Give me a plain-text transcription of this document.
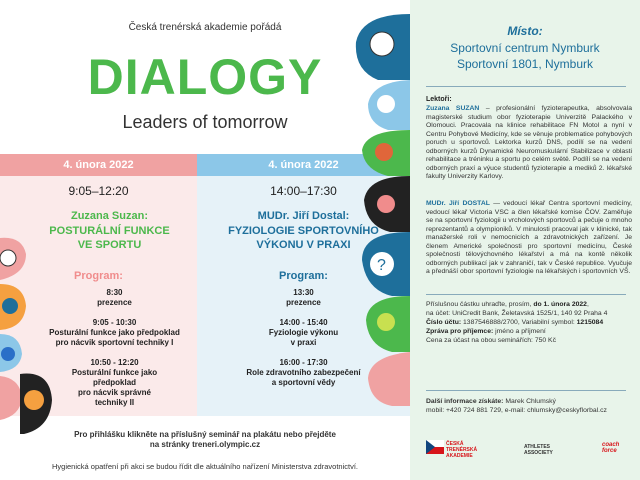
Česká trenérská akademie pořádá
DIALOGY
Leaders of tomorrow
4. února 2022
9:05–12:20
Zuzana Suzan:
POSTURÁLNÍ FUNKCE
VE SPORTU
Program:
8:30
prezence
9:05 - 10:30
Posturální funkce jako předpoklad
pro nácvik sportovní techniky I
10:50 - 12:20
Posturální funkce jako
předpoklad
pro nácvik správné
techniky II
4. února 2022
14:00–17:30
MUDr. Jiří Dostal:
FYZIOLOGIE SPORTOVNÍHO
VÝKONU V PRAXI
Program:
13:30
prezence
14:00 - 15:40
Fyziologie výkonu
v praxi
16:00 - 17:30
Role zdravotního zabezpečení
a sportovní vědy
?
Pro přihlášku klikněte na příslušný seminář na plakátu nebo přejděte
na stránky treneri.olympic.cz
Hygienická opatření při akci se budou řídit dle aktuálního nařízení Ministerstva zdravotnictví.
Místo:
Sportovní centrum Nymburk
Sportovní 1801, Nymburk
Lektoři:
Zuzana SUZAN – profesionální fyzioterapeutka, absolvovala magisterské studium obor fyzioterapie Univerzitě Palackého v Olomouci. Pracovala na klinice rehabilitace FN Motol a nyní v Centru Pohybové Medicíny, kde se věnuje problematice pohybových poruch u sportovců. Lektorka kurzů DNS, podílí se na vedení odborných kurzů Dynamické Neuromuskulární Stabilizace v oblasti rehabilitace a tréninku a sportu po celém světě. Podílí se na vedení odborných praxí a výuce studentů fyzioterapie a mediků 2. lékařské fakulty Univerzity Karlovy.
MUDr. Jiří DOSTAL — vedoucí lékař Centra sportovní medicíny, vedoucí lékař Victoria VSC a člen lékařské komise ČOV. Zaměřuje se na sportovní fyziologii u vrcholových sportovců a pečuje o mnoho reprezentantů a olympioniků. V minulosti pracoval jak v klinické, tak manažerské roli v nemocnicích a zdravotnických zařízení. Je členem Americké společnosti pro sportovní medicínu, České společnosti tělovýchovného lékařství a má na kontě několik odborných publikací jak v zahraničí, tak v České republice. Vyučuje a přednáší obor sportovní fyziologie na lékařských i sportovních VŠ.
Příslušnou částku uhraďte, prosím, do 1. února 2022,
na účet: UniCredit Bank, Želetavská 1525/1, 140 92 Praha 4
Číslo účtu: 1387546888/2700, Variabilní symbol: 1215084
Zpráva pro příjemce: jméno a příjmení
Cena za účast na obou seminářích: 750 Kč
Další informace získáte: Marek Chlumský
mobil: +420 724 881 729, e-mail: chlumsky@ceskyflorbal.cz
ČESKÁ TRENÉRSKÁ AKADEMIE
ATHLETES ASSOCIETY
coach force
